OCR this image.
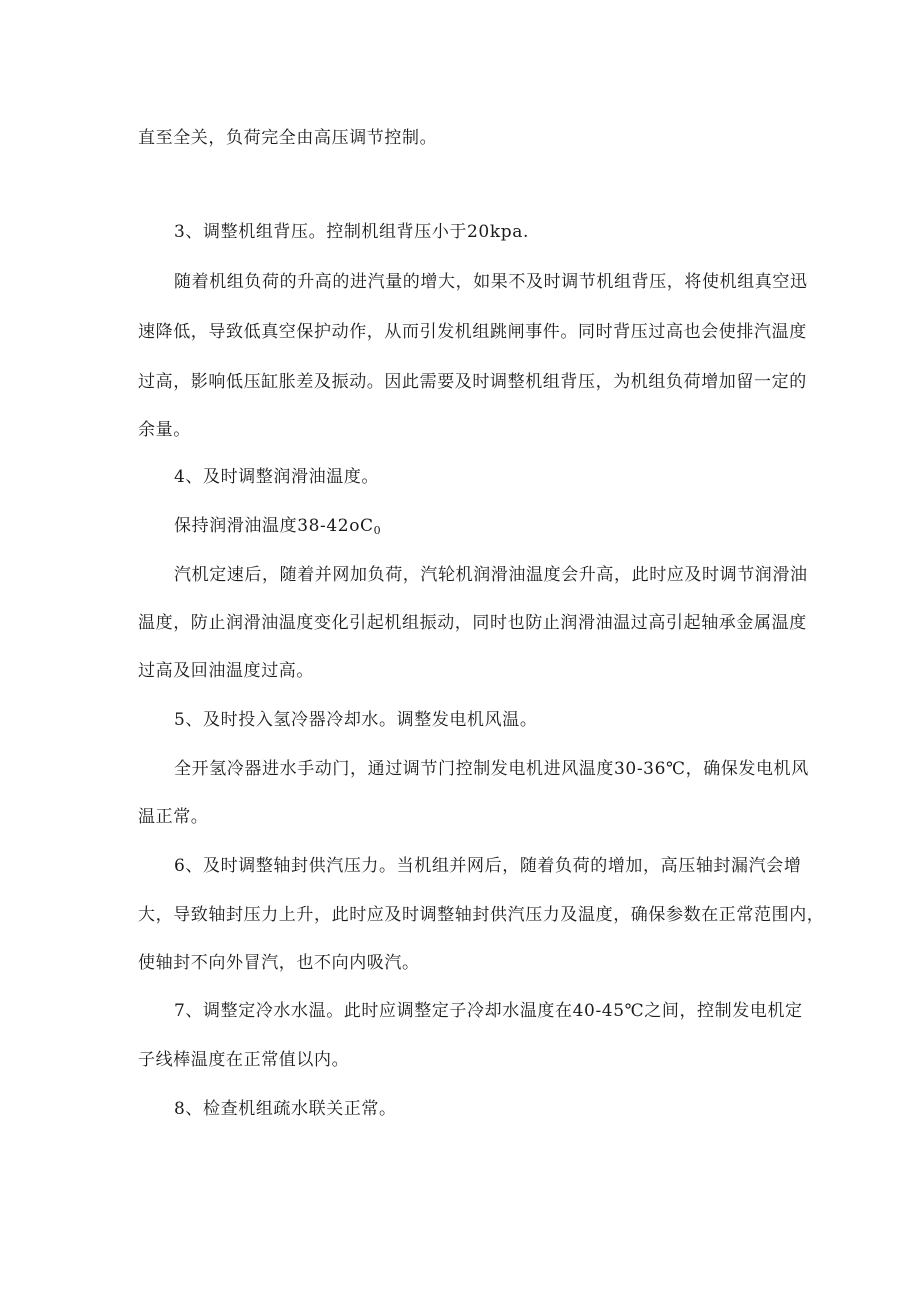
直至全关，负荷完全由高压调节控制。
3、调整机组背压。控制机组背压小于20kpa.
随着机组负荷的升高的进汽量的增大，如果不及时调节机组背压，将使机组真空迅
速降低，导致低真空保护动作，从而引发机组跳闸事件。同时背压过高也会使排汽温度
过高，影响低压缸胀差及振动。因此需要及时调整机组背压，为机组负荷增加留一定的
余量。
4、及时调整润滑油温度。
保持润滑油温度$38-42oC_0$
汽机定速后，随着并网加负荷，汽轮机润滑油温度会升高，此时应及时调节润滑油
温度，防止润滑油温度变化引起机组振动，同时也防止润滑油温过高引起轴承金属温度
过高及回油温度过高。
5、及时投入氢冷器冷却水。调整发电机风温。
全开氢冷器进水手动门，通过调节门控制发电机进风温度30-36℃，确保发电机风
温正常。
6、及时调整轴封供汽压力。当机组并网后，随着负荷的增加，高压轴封漏汽会增
大，导致轴封压力上升，此时应及时调整轴封供汽压力及温度，确保参数在正常范围内，
使轴封不向外冒汽，也不向内吸汽。
7、调整定冷水水温。此时应调整定子冷却水温度在40-45℃之间，控制发电机定
子线棒温度在正常值以内。
8、检查机组疏水联关正常。
